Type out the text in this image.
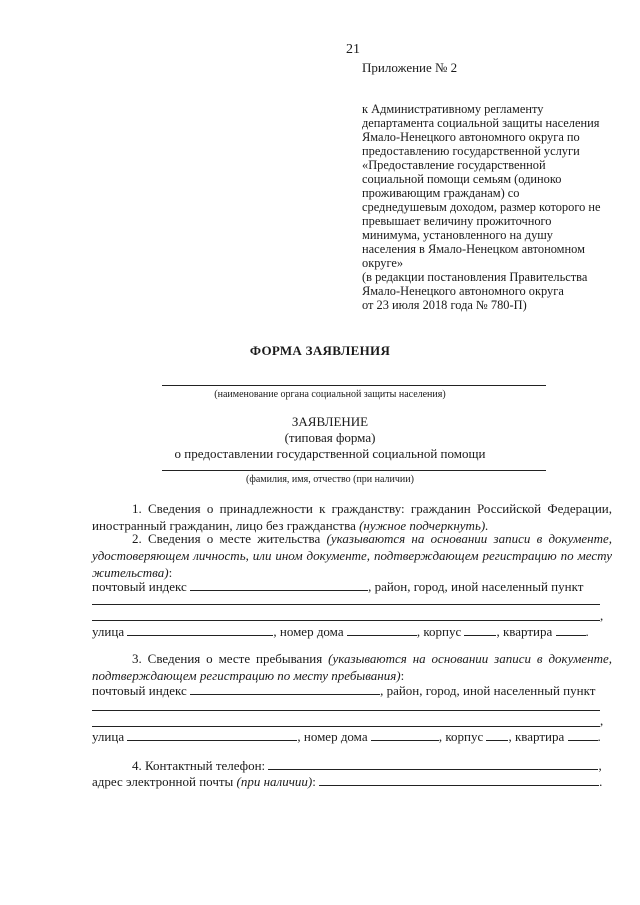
21
Приложение № 2
к Административному регламенту
департамента социальной защиты населения
Ямало-Ненецкого автономного округа по
предоставлению государственной услуги
«Предоставление государственной
социальной помощи семьям (одиноко
проживающим гражданам) со
среднедушевым доходом, размер которого не
превышает величину прожиточного
минимума, установленного на душу
населения в Ямало-Ненецком автономном
округе»
(в редакции постановления Правительства
Ямало-Ненецкого автономного округа
от 23 июля 2018 года № 780-П)
ФОРМА ЗАЯВЛЕНИЯ
(наименование органа социальной защиты населения)
ЗАЯВЛЕНИЕ
(типовая форма)
о предоставлении государственной социальной помощи
(фамилия, имя, отчество (при наличии)
1. Сведения о принадлежности к гражданству: гражданин Российской Федерации, иностранный гражданин, лицо без гражданства (нужное подчеркнуть).
2. Сведения о месте жительства (указываются на основании записи в документе, удостоверяющем личность, или ином документе, подтверждающем регистрацию по месту жительства):
почтовый индекс	, район, город, иной населенный пункт
,
улица	, номер дома	, корпус	, квартира	.
3. Сведения о месте пребывания (указываются на основании записи в документе, подтверждающем регистрацию по месту пребывания):
почтовый индекс	, район, город, иной населенный пункт
,
улица	, номер дома	, корпус , квартира	.
4. Контактный телефон:	,
адрес электронной почты (при наличии):	.
